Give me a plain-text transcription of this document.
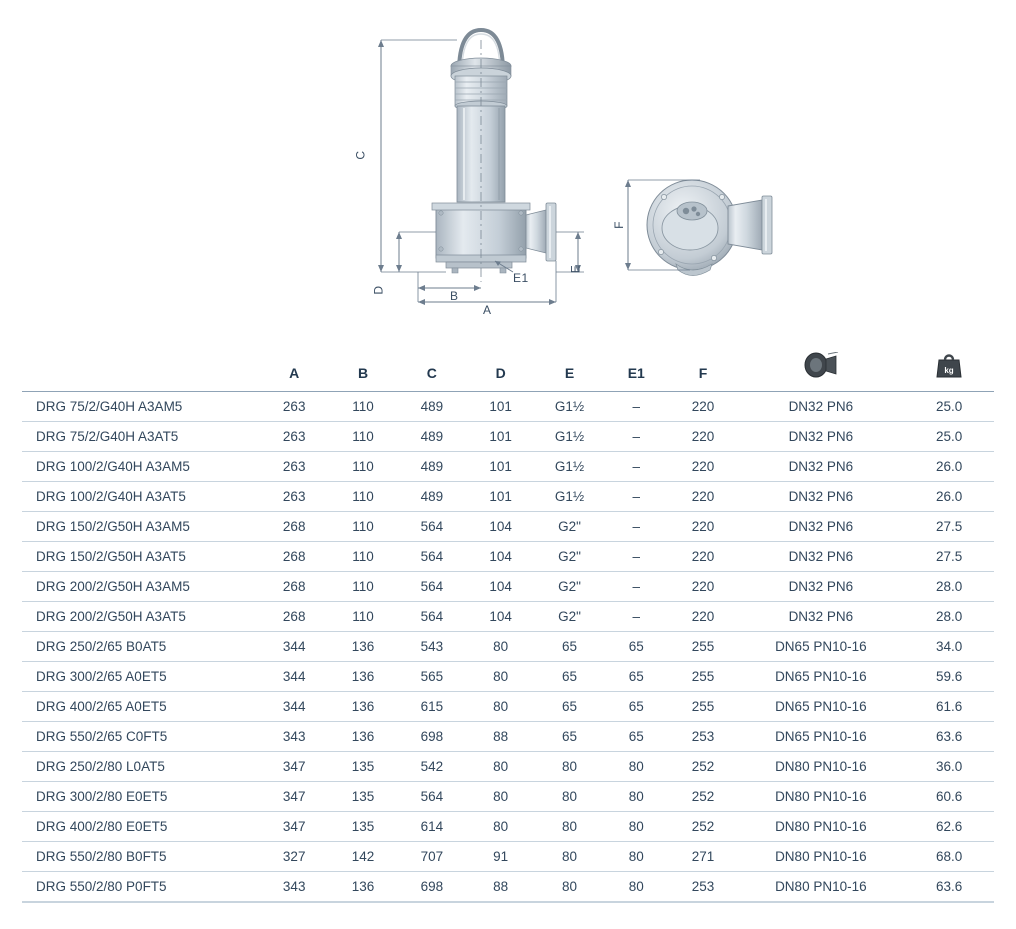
C
D	B
A
E
E1
F
	A	B	C	D	E	E1	F		kg

DRG 75/2/G40H A3AM5	263	110	489	101	G1½	–	220	DN32 PN6	25.0
DRG 75/2/G40H A3AT5	263	110	489	101	G1½	–	220	DN32 PN6	25.0
DRG 100/2/G40H A3AM5	263	110	489	101	G1½	–	220	DN32 PN6	26.0
DRG 100/2/G40H A3AT5	263	110	489	101	G1½	–	220	DN32 PN6	26.0
DRG 150/2/G50H A3AM5	268	110	564	104	G2"	–	220	DN32 PN6	27.5
DRG 150/2/G50H A3AT5	268	110	564	104	G2"	–	220	DN32 PN6	27.5
DRG 200/2/G50H A3AM5	268	110	564	104	G2"	–	220	DN32 PN6	28.0
DRG 200/2/G50H A3AT5	268	110	564	104	G2"	–	220	DN32 PN6	28.0
DRG 250/2/65 B0AT5	344	136	543	80	65	65	255	DN65 PN10-16	34.0
DRG 300/2/65 A0ET5	344	136	565	80	65	65	255	DN65 PN10-16	59.6
DRG 400/2/65 A0ET5	344	136	615	80	65	65	255	DN65 PN10-16	61.6
DRG 550/2/65 C0FT5	343	136	698	88	65	65	253	DN65 PN10-16	63.6
DRG 250/2/80 L0AT5	347	135	542	80	80	80	252	DN80 PN10-16	36.0
DRG 300/2/80 E0ET5	347	135	564	80	80	80	252	DN80 PN10-16	60.6
DRG 400/2/80 E0ET5	347	135	614	80	80	80	252	DN80 PN10-16	62.6
DRG 550/2/80 B0FT5	327	142	707	91	80	80	271	DN80 PN10-16	68.0
DRG 550/2/80 P0FT5	343	136	698	88	80	80	253	DN80 PN10-16	63.6
